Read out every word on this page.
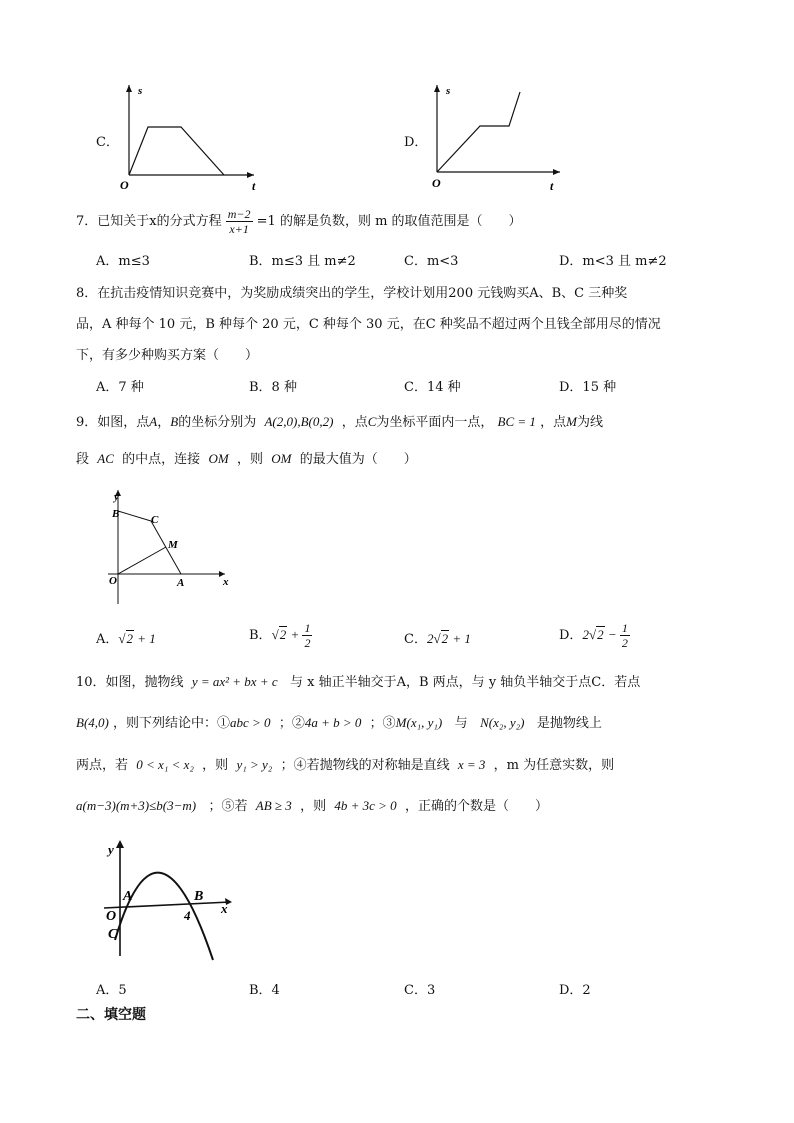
C．
s
O	t
D．
s
O	t
7．已知关于x的分式方程 $\frac{m-2}{x+1} =1$ 的解是负数，则 m 的取值范围是（　　）
A．m≤3	B．m≤3 且 m≠2	C．m<3	D．m<3 且 m≠2
8．在抗击疫情知识竞赛中，为奖励成绩突出的学生，学校计划用200 元钱购买A、B、C 三种奖
品，A 种每个 10 元，B 种每个 20 元，C 种每个 30 元，在C 种奖品不超过两个且钱全部用尽的情况
下，有多少种购买方案（　　）
A．7 种	B．8 种	C．14 种	D．15 种
9．如图，点A，B的坐标分别为 A(2,0),B(0,2) ，点C为坐标平面内一点， BC = 1 ，点M为线
段 AC 的中点，连接 OM ，则 OM 的最大值为（　　）
y
x
B	C
M
O	A
A．√2 + 1	B．$√2 + \frac{1}{2}$	C．2√2 + 1	D．$2√2 - \frac{1}{2}$
10．如图，抛物线 y = ax² + bx + c 与 x 轴正半轴交于A，B 两点，与 y 轴负半轴交于点C．若点
B(4,0) ，则下列结论中：①abc > 0 ；②4a + b > 0 ；③M(x₁, y₁) 与 N(x₂, y₂) 是抛物线上
两点，若 0 < x₁ < x₂ ，则 y₁ > y₂ ；④若抛物线的对称轴是直线 x = 3 ，m 为任意实数，则
a(m−3)(m+3)≤b(3−m) ；⑤若 AB ≥ 3 ，则 4b + 3c > 0 ，正确的个数是（　　）
y
x
A	B
O
C
4
A．5	B．4	C．3	D．2
二、填空题
